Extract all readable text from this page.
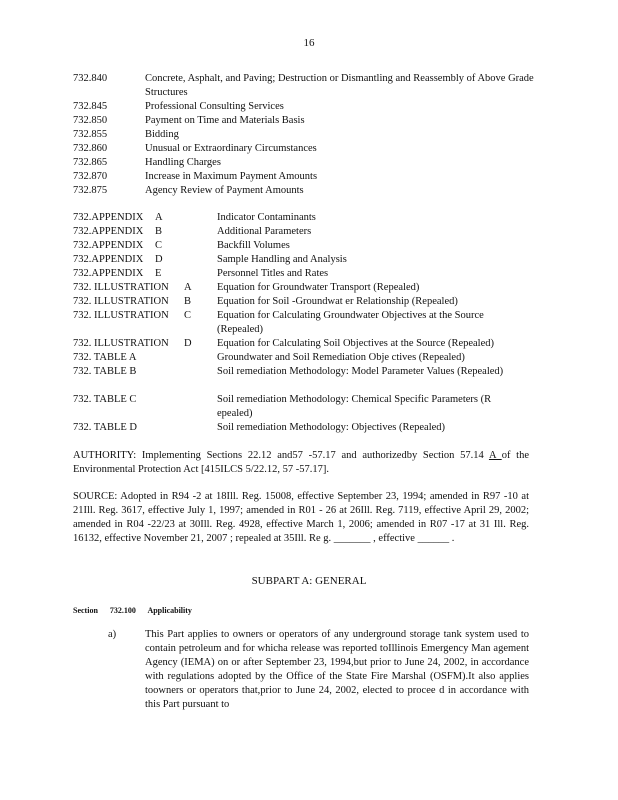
16
732.840	Concrete, Asphalt, and Paving; Destruction or Dismantling and Reassembly of Above Grade Structures
732.845	Professional Consulting Services
732.850	Payment on Time and Materials Basis
732.855	Bidding
732.860	Unusual or Extraordinary Circumstances
732.865	Handling Charges
732.870	Increase in Maximum Payment Amounts
732.875	Agency Review of Payment Amounts
732.APPENDIX	A	Indicator Contaminants
732.APPENDIX	B	Additional Parameters
732.APPENDIX	C	Backfill Volumes
732.APPENDIX	D	Sample Handling and Analysis
732.APPENDIX	E	Personnel Titles and Rates
732. ILLUSTRATION	A Equation for Groundwater Transport (Repealed)
732. ILLUSTRATION	B Equation for Soil -Groundwat er Relationship (Repealed)
732. ILLUSTRATION	C Equation for Calculating Groundwater Objectives at the Source (Repealed)
732. ILLUSTRATION	D Equation for Calculating Soil Objectives at the Source (Repealed)
732. TABLE A	Groundwater and Soil Remediation Obje ctives (Repealed)
732. TABLE B	Soil remediation Methodology: Model Parameter Values (Repealed)
732. TABLE C	Soil remediation Methodology: Chemical Specific Parameters (R epealed)
732. TABLE D	Soil remediation Methodology: Objectives (Repealed)
AUTHORITY: Implementing Sections 22.12 and57 -57.17 and authorizedby Section 57.14 A of the Environmental Protection Act [415ILCS 5/22.12, 57 -57.17].
SOURCE: Adopted in R94 -2 at 18Ill. Reg. 15008, effective September 23, 1994; amended in R97 -10 at 21Ill. Reg. 3617, effective July 1, 1997; amended in R01 - 26 at 26Ill. Reg. 7119, effective April 29, 2002; amended in R04 -22/23 at 30Ill. Reg. 4928, effective March 1, 2006; amended in R07 -17 at 31 Ill. Reg. 16132, effective November 21, 2007 ; repealed at 35Ill. Re g. _______ , effective ______ .
SUBPART A: GENERAL
Section 732.100 Applicability
a)	This Part applies to owners or operators of any underground storage tank system used to contain petroleum and for whicha release was reported toIllinois Emergency Man agement Agency (IEMA) on or after September 23, 1994,but prior to June 24, 2002, in accordance with regulations adopted by the Office of the State Fire Marshal (OSFM).It also applies toowners or operators that,prior to June 24, 2002, elected to procee d in accordance with this Part pursuant to
